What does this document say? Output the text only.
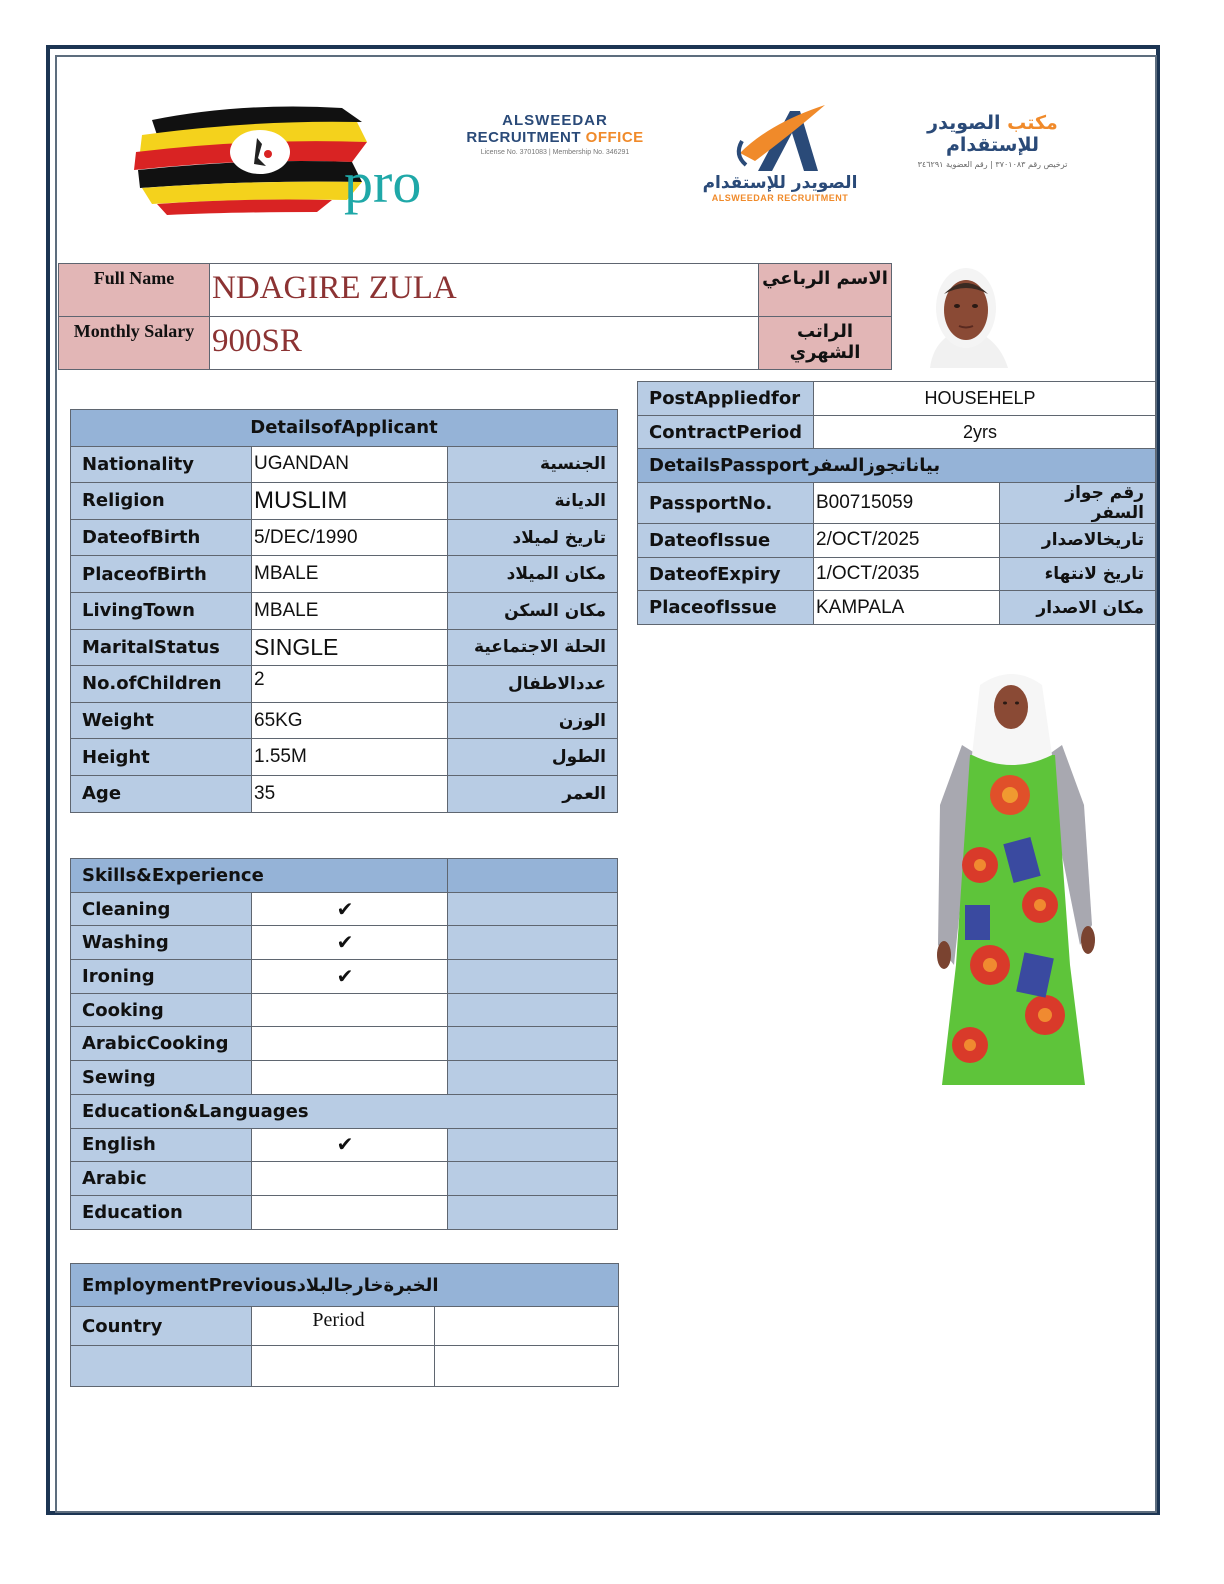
pro
ALSWEEDAR
RECRUITMENT OFFICE
License No. 3701083 | Membership No. 346291
الصويدر للإستقدام
ALSWEEDAR RECRUITMENT
مكتب الصويدر للإستقدام
ترخيص رقم ٣٧٠١٠٨٣ | رقم العضوية ٣٤٦٢٩١
Full Name	NDAGIRE ZULA	الاسم الرباعي
Monthly Salary	900SR	الراتب الشهري
DetailsofApplicant		
Nationality	UGANDAN	الجنسية
Religion	MUSLIM	الديانة
DateofBirth	5/DEC/1990	تاريخ لميلاد
PlaceofBirth	MBALE	مكان الميلاد
LivingTown	MBALE	مكان السكن
MaritalStatus	SINGLE	الحلة الاجتماعية
No.ofChildren	2	عددالاطفال
Weight	65KG	الوزن
Height	1.55M	الطول
Age	35	العمر
PostAppliedfor	HOUSEHELP	
ContractPeriod	2yrs	
DetailsPassportبياناتجوزالسفر		
PassportNo.	B00715059	رقم جواز السفر
DateofIssue	2/OCT/2025	تاريخالاصدار
DateofExpiry	1/OCT/2035	تاريخ لانتهاء
PlaceofIssue	KAMPALA	مكان الاصدار
Skills&Experience		
Cleaning	✔	
Washing	✔	
Ironing	✔	
Cooking		
ArabicCooking		
Sewing		
Education&Languages		
English	✔	
Arabic		
Education		
EmploymentPreviousالخبرةخارجالبلاد		
Country	Period	
